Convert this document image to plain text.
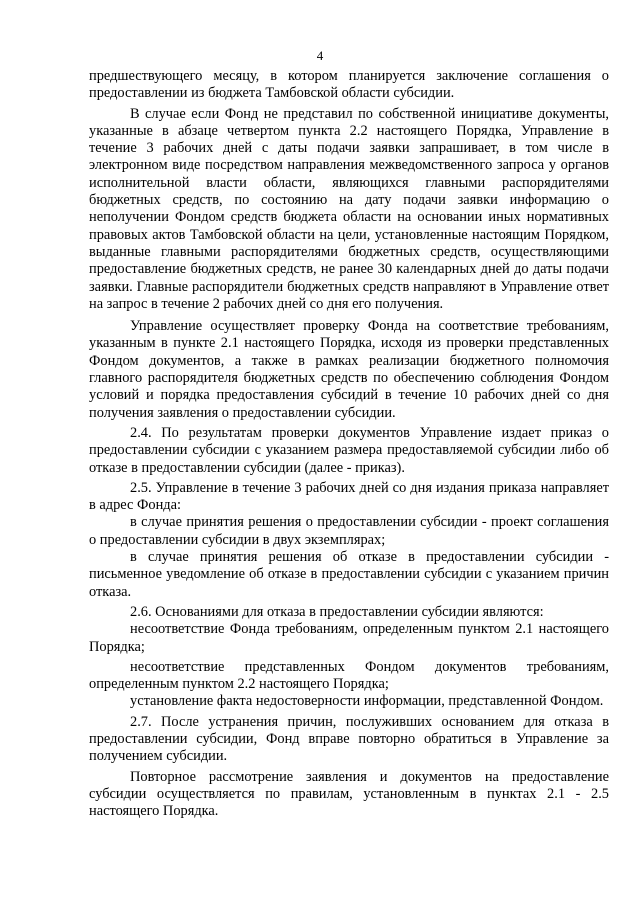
4

предшествующего месяцу, в котором планируется заключение соглашения о предоставлении из бюджета Тамбовской области субсидии.

В случае если Фонд не представил по собственной инициативе документы, указанные в абзаце четвертом пункта 2.2 настоящего Порядка, Управление в течение 3 рабочих дней с даты подачи заявки запрашивает, в том числе в электронном виде посредством направления межведомственного запроса у органов исполнительной власти области, являющихся главными распорядителями бюджетных средств, по состоянию на дату подачи заявки информацию о неполучении Фондом средств бюджета области на основании иных нормативных правовых актов Тамбовской области на цели, установленные настоящим Порядком, выданные главными распорядителями бюджетных средств, осуществляющими предоставление бюджетных средств, не ранее 30 календарных дней до даты подачи заявки. Главные распорядители бюджетных средств направляют в Управление ответ на запрос в течение 2 рабочих дней со дня его получения.

Управление осуществляет проверку Фонда на соответствие требованиям, указанным в пункте 2.1 настоящего Порядка, исходя из проверки представленных Фондом документов, а также в рамках реализации бюджетного полномочия главного распорядителя бюджетных средств по обеспечению соблюдения Фондом условий и порядка предоставления субсидий в течение 10 рабочих дней со дня получения заявления о предоставлении субсидии.

2.4. По результатам проверки документов Управление издает приказ о предоставлении субсидии с указанием размера предоставляемой субсидии либо об отказе в предоставлении субсидии (далее - приказ).

2.5. Управление в течение 3 рабочих дней со дня издания приказа направляет в адрес Фонда:

в случае принятия решения о предоставлении субсидии - проект соглашения о предоставлении субсидии в двух экземплярах;

в случае принятия решения об отказе в предоставлении субсидии - письменное уведомление об отказе в предоставлении субсидии с указанием причин отказа.

2.6. Основаниями для отказа в предоставлении субсидии являются:

несоответствие Фонда требованиям, определенным пунктом 2.1 настоящего Порядка;

несоответствие представленных Фондом документов требованиям, определенным пунктом 2.2 настоящего Порядка;

установление факта недостоверности информации, представленной Фондом.

2.7. После устранения причин, послуживших основанием для отказа в предоставлении субсидии, Фонд вправе повторно обратиться в Управление за получением субсидии.

Повторное рассмотрение заявления и документов на предоставление субсидии осуществляется по правилам, установленным в пунктах 2.1 - 2.5 настоящего Порядка.
